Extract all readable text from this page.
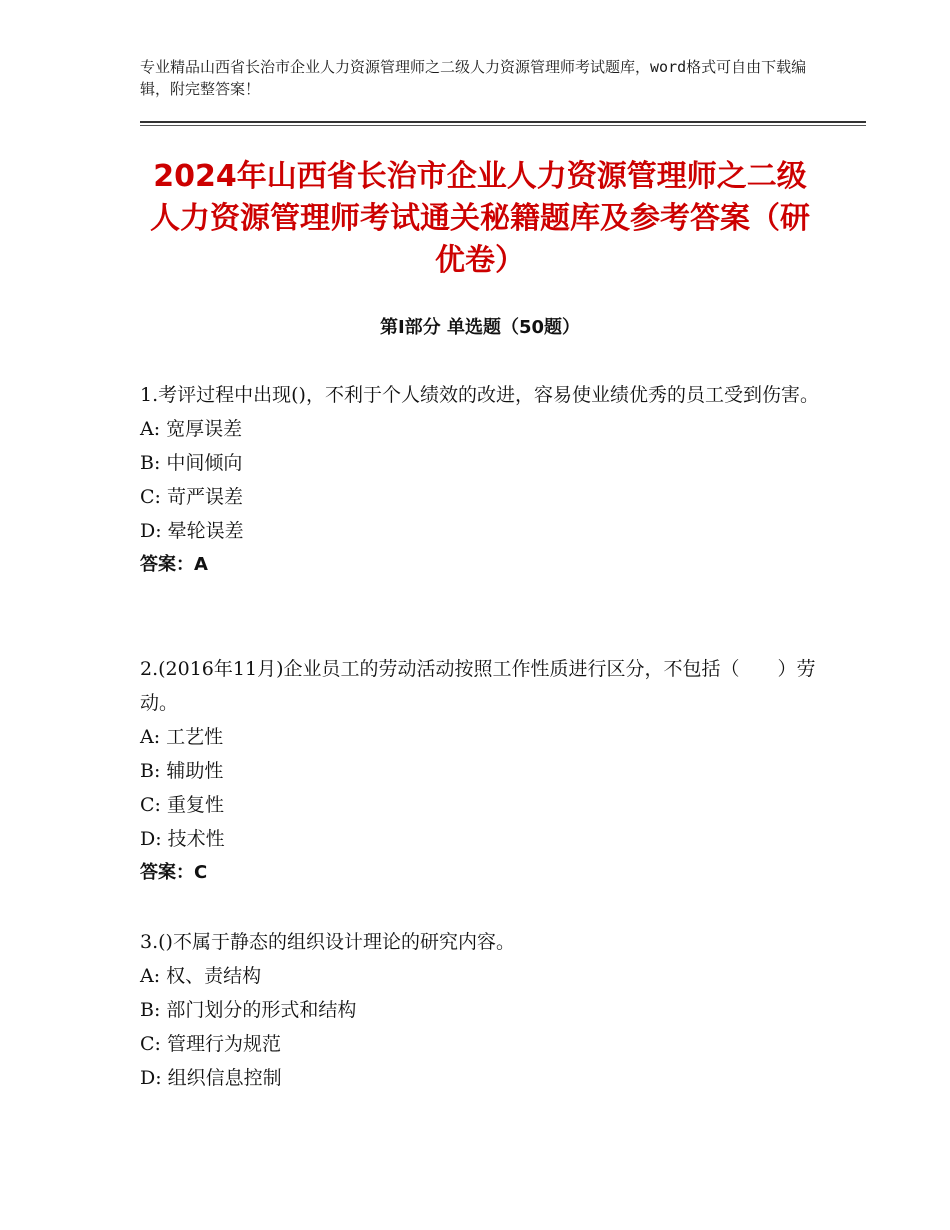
专业精品山西省长治市企业人力资源管理师之二级人力资源管理师考试题库，word格式可自由下载编辑，附完整答案！
2024年山西省长治市企业人力资源管理师之二级人力资源管理师考试通关秘籍题库及参考答案（研优卷）
第Ⅰ部分 单选题（50题）

1.考评过程中出现()，不利于个人绩效的改进，容易使业绩优秀的员工受到伤害。

A: 宽厚误差

B: 中间倾向

C: 苛严误差

D: 晕轮误差

答案：A

2.(2016年11月)企业员工的劳动活动按照工作性质进行区分，不包括（　　）劳动。

A: 工艺性

B: 辅助性

C: 重复性

D: 技术性

答案：C

3.()不属于静态的组织设计理论的研究内容。

A: 权、责结构

B: 部门划分的形式和结构

C: 管理行为规范

D: 组织信息控制
